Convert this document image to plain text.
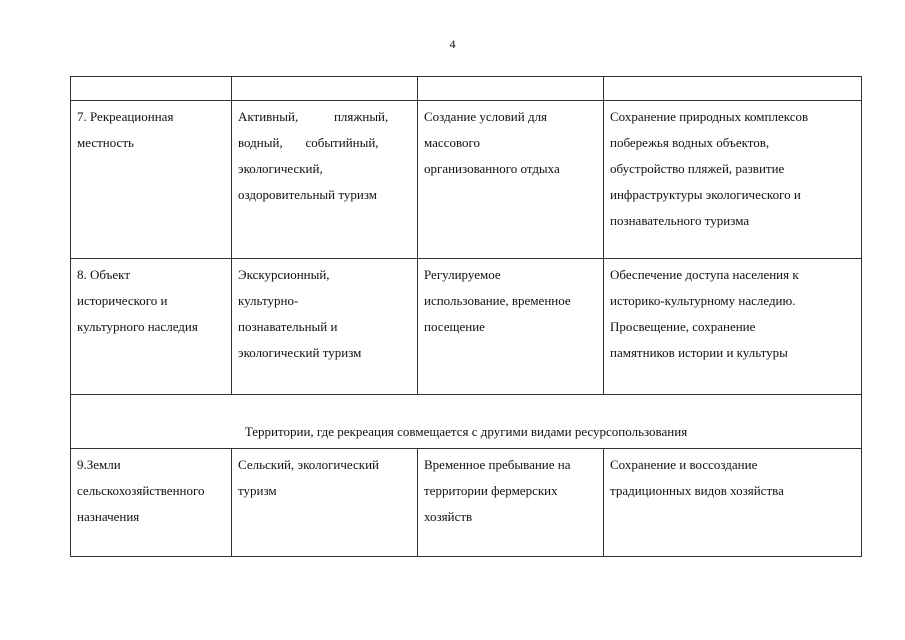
4

7. Рекреационная
местность	Активный,           пляжный,
водный,       событийный,
экологический,
оздоровительный туризм	Создание условий для
массового
организованного отдыха	Сохранение природных комплексов
побережья водных объектов,
обустройство пляжей, развитие
инфраструктуры экологического и
познавательного туризма

8. Объект
исторического и
культурного наследия	Экскурсионный,
культурно-
познавательный и
экологический туризм	Регулируемое
использование, временное
посещение	Обеспечение доступа населения к
историко-культурному наследию.
Просвещение, сохранение
памятников истории и культуры

Территории, где рекреация совмещается с другими видами ресурсопользования			

9.Земли
сельскохозяйственного
назначения	Сельский, экологический
туризм	Временное пребывание на
территории фермерских
хозяйств	Сохранение и воссоздание
традиционных видов хозяйства
